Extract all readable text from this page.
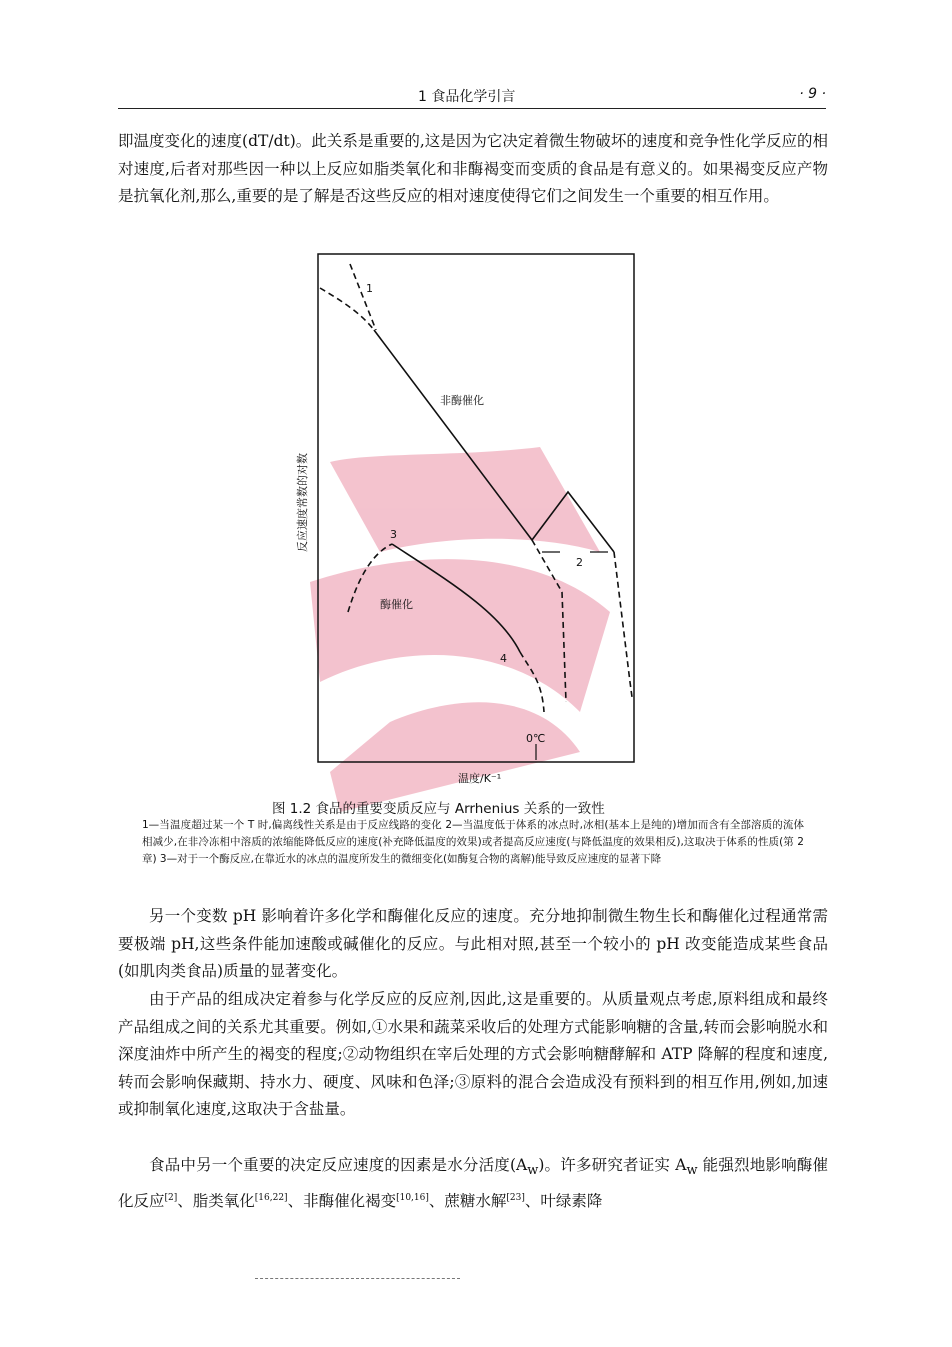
1 食品化学引言	· 9 ·

即温度变化的速度(dT/dt)。此关系是重要的,这是因为它决定着微生物破坏的速度和竞争性化学反应的相对速度,后者对那些因一种以上反应如脂类氧化和非酶褐变而变质的食品是有意义的。如果褐变反应产物是抗氧化剂,那么,重要的是了解是否这些反应的相对速度使得它们之间发生一个重要的相互作用。

1
2
3
4
非酶催化
酶催化
0℃
温度/K⁻¹
反应速度常数的对数
图 1.2 食品的重要变质反应与 Arrhenius 关系的一致性

1—当温度超过某一个 T 时,偏离线性关系是由于反应线路的变化 2—当温度低于体系的冰点时,冰相(基本上是纯的)增加而含有全部溶质的流体相减少,在非冷冻相中溶质的浓缩能降低反应的速度(补充降低温度的效果)或者提高反应速度(与降低温度的效果相反),这取决于体系的性质(第 2 章) 3—对于一个酶反应,在靠近水的冰点的温度所发生的微细变化(如酶复合物的离解)能导致反应速度的显著下降

另一个变数 pH 影响着许多化学和酶催化反应的速度。充分地抑制微生物生长和酶催化过程通常需要极端 pH,这些条件能加速酸或碱催化的反应。与此相对照,甚至一个较小的 pH 改变能造成某些食品(如肌肉类食品)质量的显著变化。

由于产品的组成决定着参与化学反应的反应剂,因此,这是重要的。从质量观点考虑,原料组成和最终产品组成之间的关系尤其重要。例如,①水果和蔬菜采收后的处理方式能影响糖的含量,转而会影响脱水和深度油炸中所产生的褐变的程度;②动物组织在宰后处理的方式会影响糖酵解和 ATP 降解的程度和速度,转而会影响保藏期、持水力、硬度、风味和色泽;③原料的混合会造成没有预料到的相互作用,例如,加速或抑制氧化速度,这取决于含盐量。

食品中另一个重要的决定反应速度的因素是水分活度$(A_w)$。许多研究者证实 $A_w$ 能强烈地影响酶催化反应[2]、脂类氧化[16,22]、非酶催化褐变[10,16]、蔗糖水解[23]、叶绿素降
